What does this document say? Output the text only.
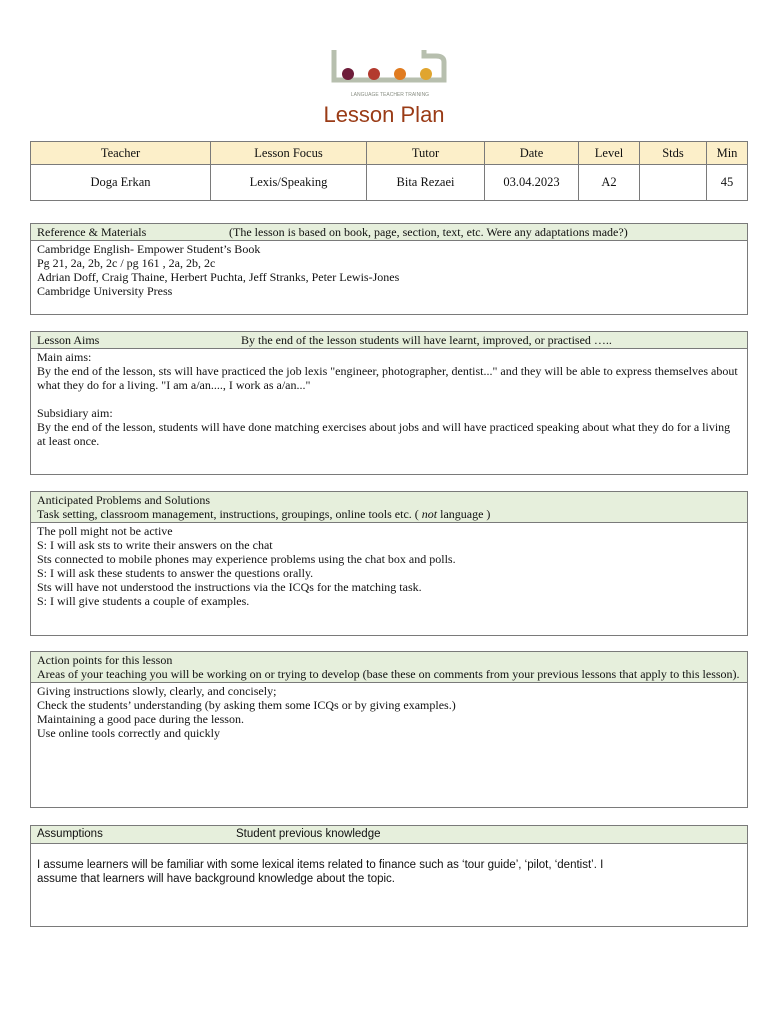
LANGUAGE TEACHER TRAINING
Lesson Plan
Teacher	Lesson Focus	Tutor	Date	Level	Stds	Min
Doga Erkan	Lexis/Speaking	Bita Rezaei	03.04.2023	A2		45
Reference & Materials	(The lesson is based on book, page, section, text, etc. Were any adaptations made?)
Cambridge English- Empower Student’s Book
Pg 21, 2a, 2b, 2c / pg 161 , 2a, 2b, 2c
Adrian Doff, Craig Thaine, Herbert Puchta, Jeff Stranks, Peter Lewis-Jones
Cambridge University Press
Lesson Aims	By the end of the lesson students will have learnt, improved, or practised …..
Main aims:
By the end of the lesson, sts will have practiced the job lexis "engineer, photographer, dentist..." and they will be able to express themselves about what they do for a living. "I am a/an...., I work as a/an..."
Subsidiary aim:
By the end of the lesson, students will have done matching exercises about jobs and will have practiced speaking about what they do for a living at least once.
Anticipated Problems and Solutions
Task setting, classroom management, instructions, groupings, online tools etc. ( not language )
The poll might not be active
S: I will ask sts to write their answers on the chat
Sts connected to mobile phones may experience problems using the chat box and polls.
S: I will ask these students to answer the questions orally.
Sts will have not understood the instructions via the ICQs for the matching task.
S: I will give students a couple of examples.
Action points for this lesson
Areas of your teaching you will be working on or trying to develop (base these on comments from your previous lessons that apply to this lesson).
Giving instructions slowly, clearly, and concisely;
Check the students’ understanding (by asking them some ICQs or by giving examples.)
Maintaining a good pace during the lesson.
Use online tools correctly and quickly
Assumptions	Student previous knowledge
I assume learners will be familiar with some lexical items related to finance such as ‘tour guide’, ‘pilot, ‘dentist’. I
assume that learners will have background knowledge about the topic.
